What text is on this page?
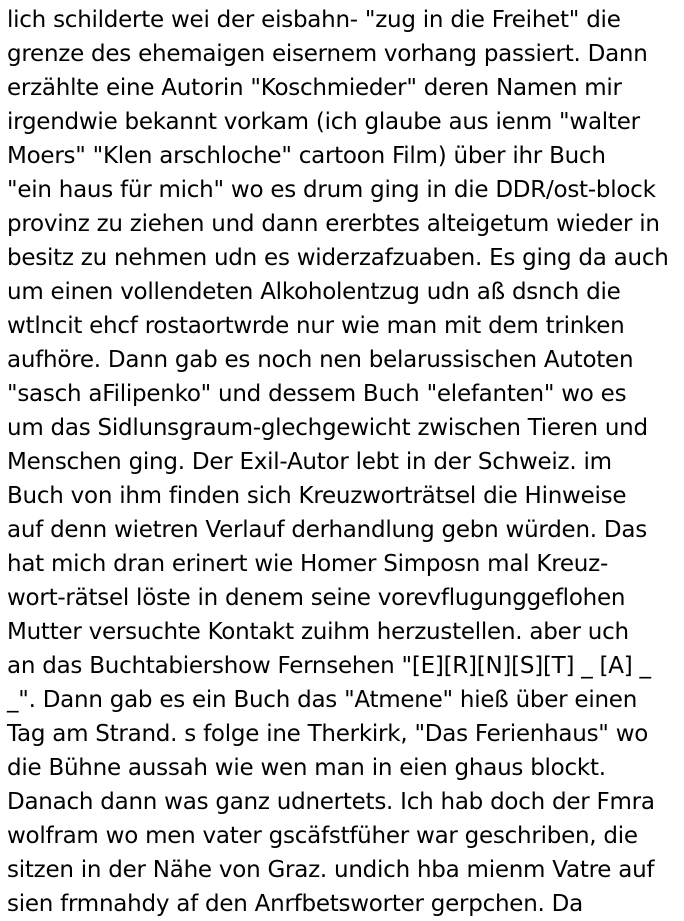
lich schilderte wei der eisbahn- "zug in die Freihet" die
grenze des ehemaigen eisernem vorhang passiert. Dann
erzählte eine Autorin "Koschmieder" deren Namen mir
irgendwie bekannt vorkam (ich glaube aus ienm "walter
Moers" "Klen arschloche" cartoon Film) über ihr Buch
"ein haus für mich" wo es drum ging in die DDR/ost-block
provinz zu ziehen und dann ererbtes alteigetum wieder in
besitz zu nehmen udn es widerzafzuaben. Es ging da auch
um einen vollendeten Alkoholentzug udn aß dsnch die
wtlncit ehcf rostaortwrde nur wie man mit dem trinken
aufhöre. Dann gab es noch nen belarussischen Autoten
"sasch aFilipenko" und dessem Buch "elefanten" wo es
um das Sidlunsgraum-glechgewicht zwischen Tieren und
Menschen ging. Der Exil-Autor lebt in der Schweiz. im
Buch von ihm finden sich Kreuzworträtsel die Hinweise
auf denn wietren Verlauf derhandlung gebn würden. Das
hat mich dran erinert wie Homer Simposn mal Kreuz-
wort-rätsel löste in denem seine vorevflugunggeflohen
Mutter versuchte Kontakt zuihm herzustellen. aber uch
an das Buchtabiershow Fernsehen "[E][R][N][S][T] _ [A] _
_". Dann gab es ein Buch das "Atmene" hieß über einen
Tag am Strand. s folge ine Therkirk, "Das Ferienhaus" wo
die Bühne aussah wie wen man in eien ghaus blockt.
Danach dann was ganz udnertets. Ich hab doch der Fmra
wolfram wo men vater gscäfstfüher war geschriben, die
sitzen in der Nähe von Graz. undich hba mienm Vatre auf
sien frmnahdy af den Anrfbetsworter gerpchen. Da
